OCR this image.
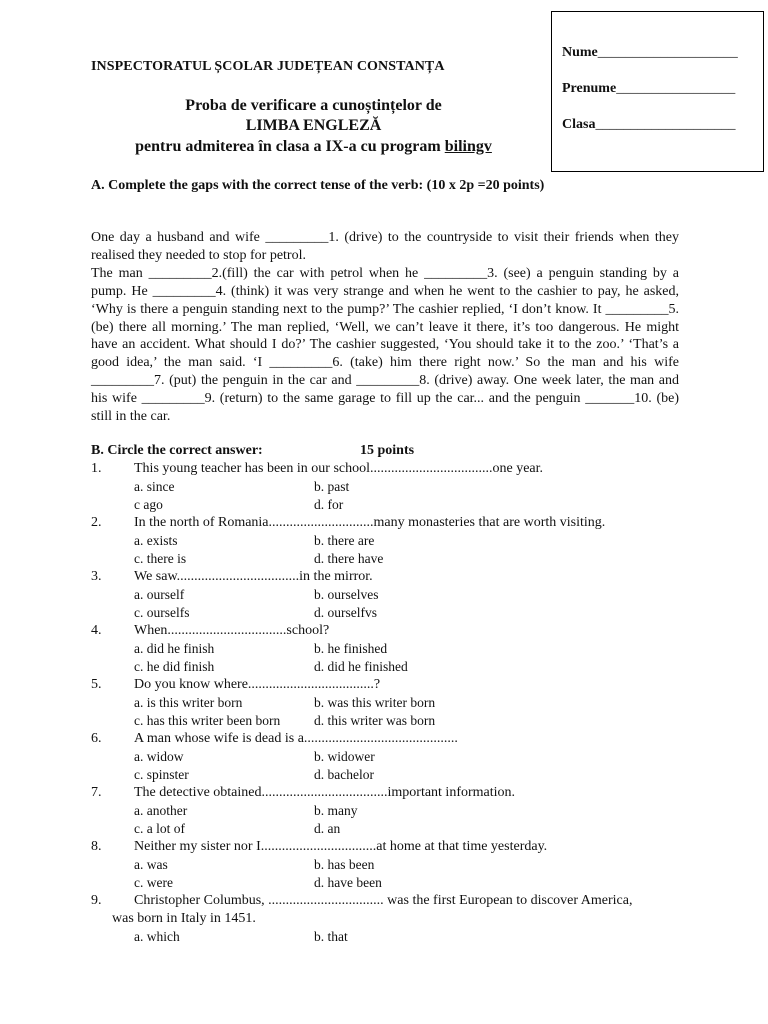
Nume____________________
Prenume_________________
Clasa____________________
INSPECTORATUL ȘCOLAR JUDEȚEAN CONSTANȚA
Proba de verificare a cunoștințelor de
LIMBA ENGLEZĂ
pentru admiterea în clasa a IX-a cu program bilingv
A. Complete the gaps with the correct tense of the verb: (10 x 2p =20 points)

One day a husband and wife _________1. (drive) to the countryside to visit their friends when they realised they needed to stop for petrol.

The man _________2.(fill) the car with petrol when he _________3. (see) a penguin standing by a pump. He _________4. (think) it was very strange and when he went to the cashier to pay, he asked, ‘Why is there a penguin standing next to the pump?’ The cashier replied, ‘I don’t know. It _________5. (be) there all morning.’ The man replied, ‘Well, we can’t leave it there, it’s too dangerous. He might have an accident. What should I do?’ The cashier suggested, ‘You should take it to the zoo.’ ‘That’s a good idea,’ the man said. ‘I _________6. (take) him there right now.’ So the man and his wife _________7. (put) the penguin in the car and _________8. (drive) away. One week later, the man and his wife _________9. (return) to the same garage to fill up the car... and the penguin _______10. (be) still in the car.

B. Circle the correct answer:	15 points
1. This young teacher has been in our school...................................one year.
a. since	b. past
c ago	d. for
2. In the north of Romania..............................many monasteries that are worth visiting.
a. exists	b. there are
c. there is	d. there have
3. We saw...................................in the mirror.
a. ourself	b. ourselves
c. ourselfs	d. ourselfvs
4. When..................................school?
a. did he finish	b. he finished
c. he did finish	d. did he finished
5. Do you know where....................................?
a. is this writer born	b. was this writer born
c. has this writer been born	d. this writer was born
6. A man whose wife is dead is a............................................
a. widow	b. widower
c. spinster	d. bachelor
7. The detective obtained....................................important information.
a. another	b. many
c. a lot of	d. an
8. Neither my sister nor I.................................at home at that time yesterday.
a. was	b. has been
c. were	d. have been
9. Christopher Columbus, ................................. was the first European to discover America,
was born in Italy in 1451.
a. which	b. that
